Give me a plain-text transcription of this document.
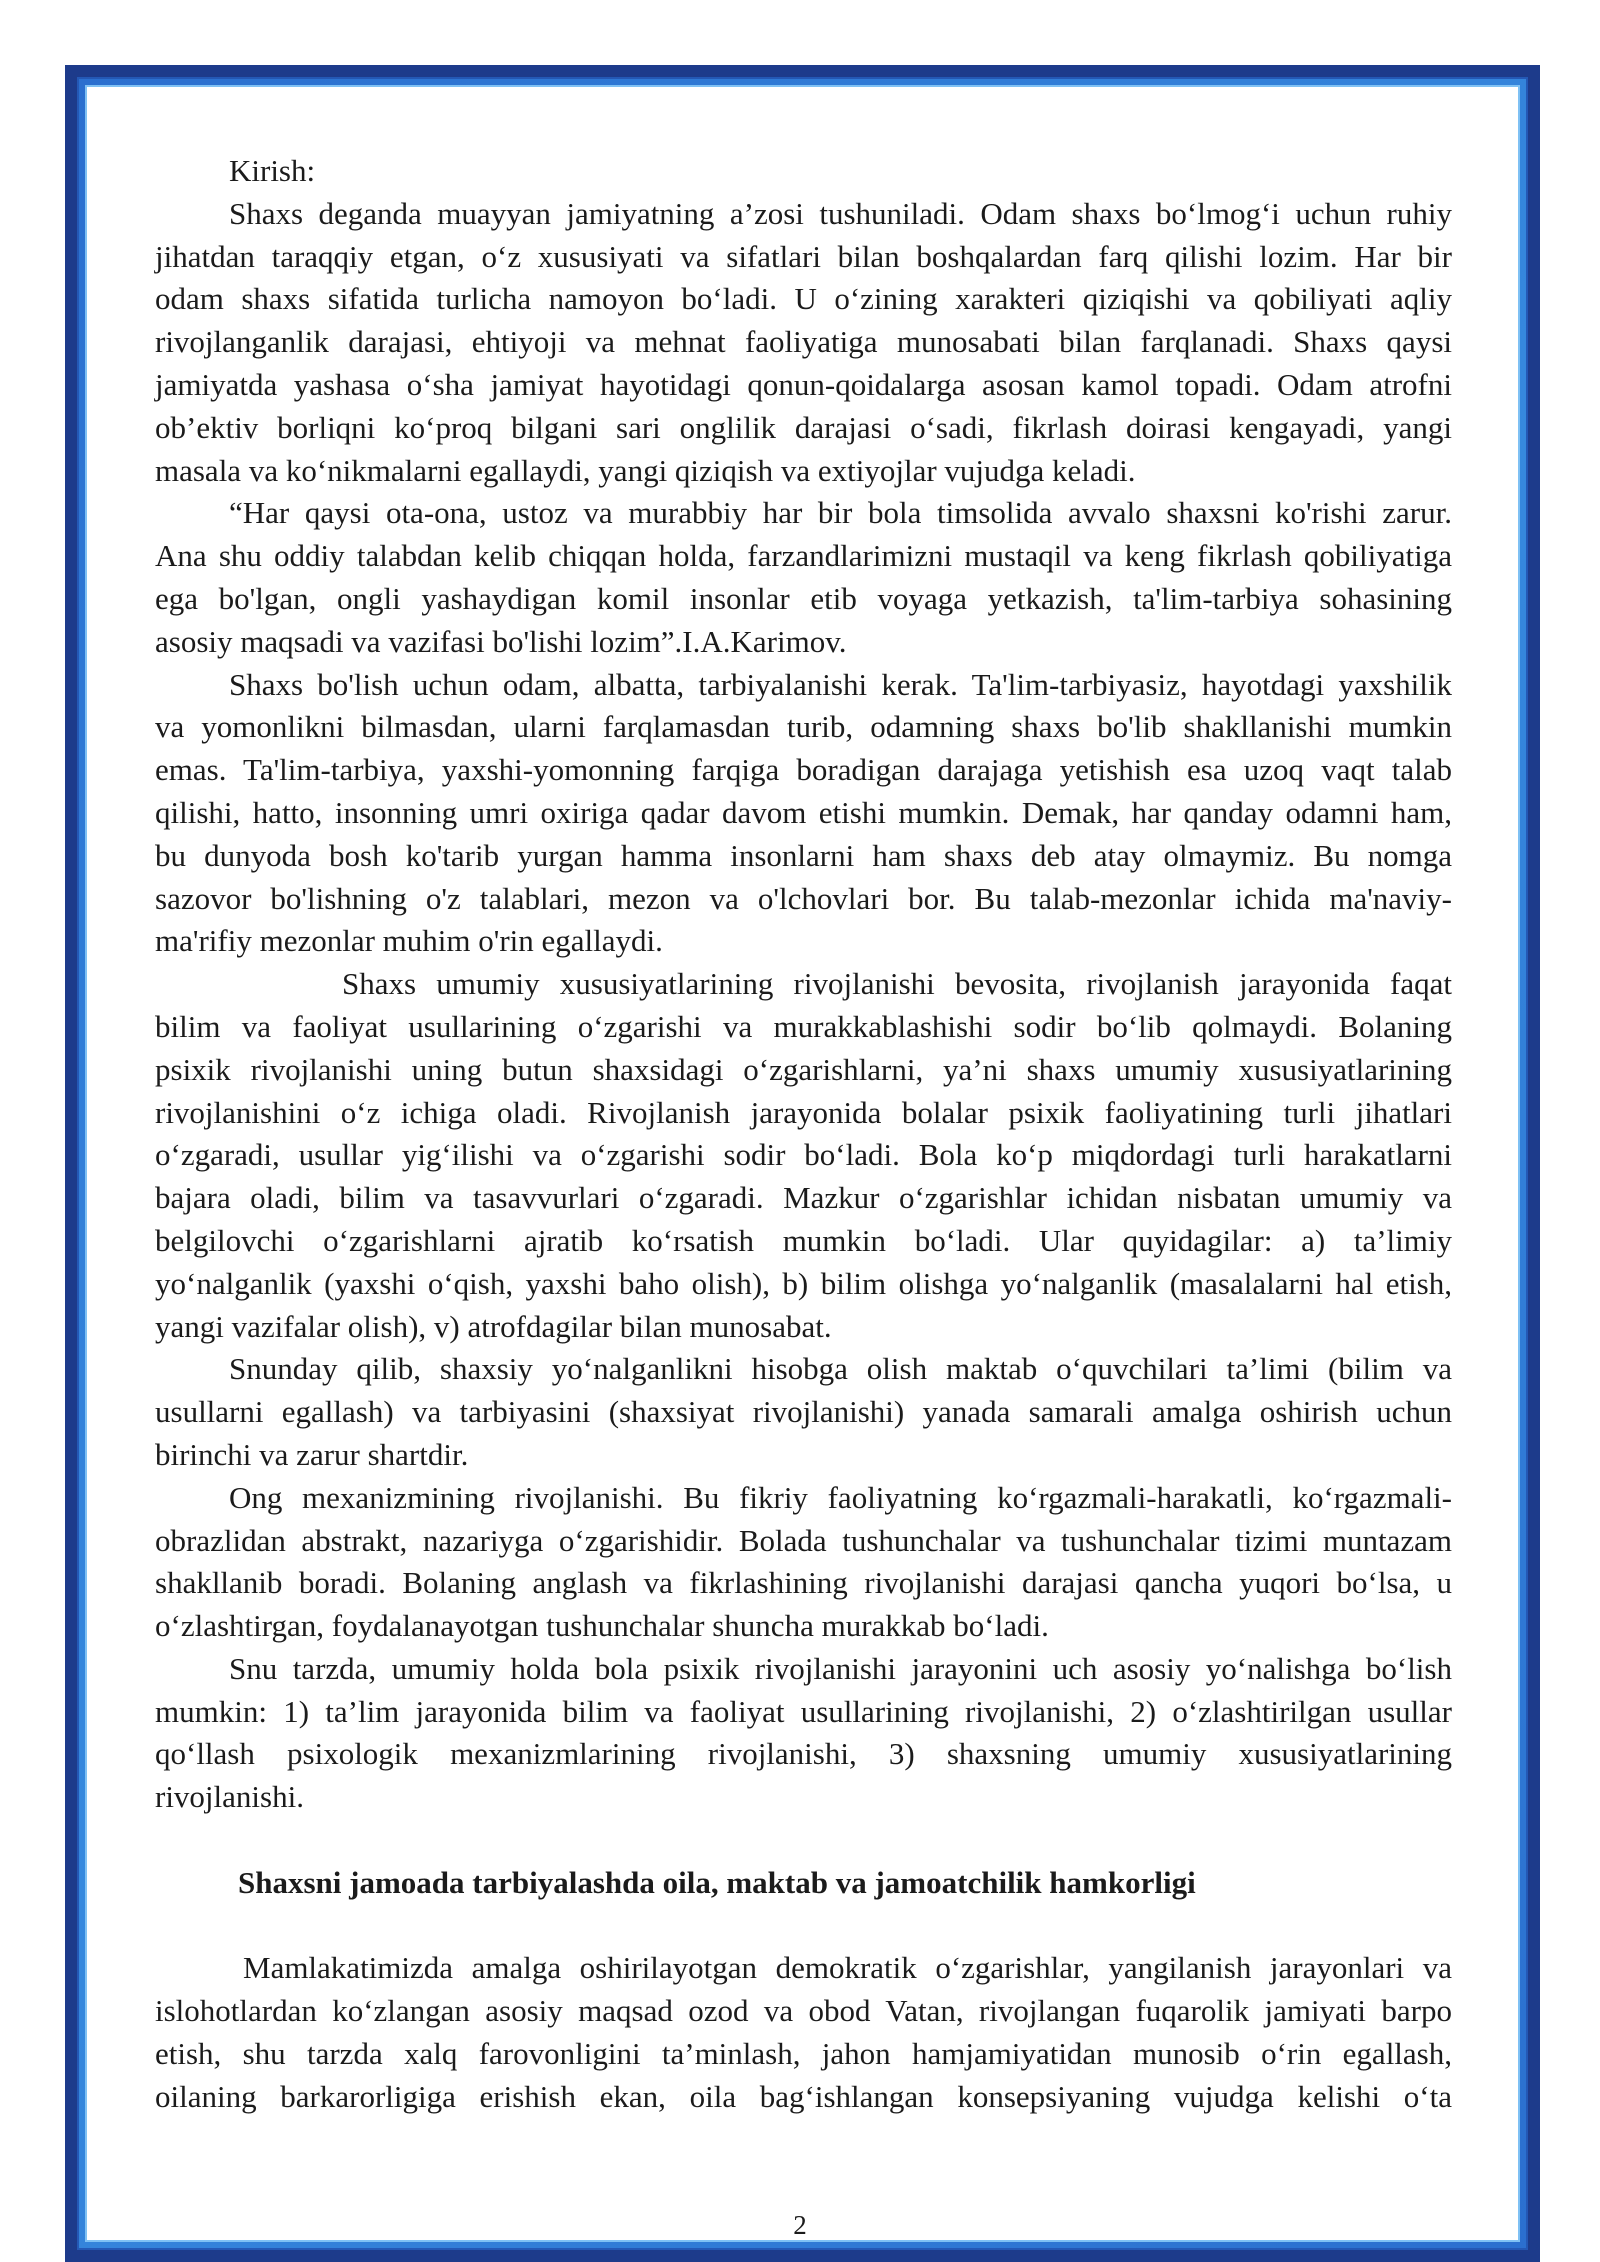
Kirish:
Shaxs deganda muayyan jamiyatning a’zosi tushuniladi. Odam shaxs bo‘lmog‘i uchun ruhiy
jihatdan taraqqiy etgan, o‘z xususiyati va sifatlari bilan boshqalardan farq qilishi lozim. Har bir
odam shaxs sifatida turlicha namoyon bo‘ladi. U o‘zining xarakteri qiziqishi va qobiliyati aqliy
rivojlanganlik darajasi, ehtiyoji va mehnat faoliyatiga munosabati bilan farqlanadi. Shaxs qaysi
jamiyatda yashasa o‘sha jamiyat hayotidagi qonun-qoidalarga asosan kamol topadi. Odam atrofni
ob’ektiv borliqni ko‘proq bilgani sari onglilik darajasi o‘sadi, fikrlash doirasi kengayadi, yangi
masala va ko‘nikmalarni egallaydi, yangi qiziqish va extiyojlar vujudga keladi.
“Har qaysi ota-ona, ustoz va murabbiy har bir bola timsolida avvalo shaxsni ko'rishi zarur.
Ana shu oddiy talabdan kelib chiqqan holda, farzandlarimizni mustaqil va keng fikrlash qobiliyatiga
ega bo'lgan, ongli yashaydigan komil insonlar etib voyaga yetkazish, ta'lim-tarbiya sohasining
asosiy maqsadi va vazifasi bo'lishi lozim”.I.A.Karimov.
Shaxs bo'lish uchun odam, albatta, tarbiyalanishi kerak. Ta'lim-tarbiyasiz, hayotdagi yaxshilik
va yomonlikni bilmasdan, ularni farqlamasdan turib, odamning shaxs bo'lib shakllanishi mumkin
emas. Ta'lim-tarbiya, yaxshi-yomonning farqiga boradigan darajaga yetishish esa uzoq vaqt talab
qilishi, hatto, insonning umri oxiriga qadar davom etishi mumkin. Demak, har qanday odamni ham,
bu dunyoda bosh ko'tarib yurgan hamma insonlarni ham shaxs deb atay olmaymiz. Bu nomga
sazovor bo'lishning o'z talablari, mezon va o'lchovlari bor. Bu talab-mezonlar ichida ma'naviy-
ma'rifiy mezonlar muhim o'rin egallaydi.
Shaxs umumiy xususiyatlarining rivojlanishi bevosita, rivojlanish jarayonida faqat
bilim va faoliyat usullarining o‘zgarishi va murakkablashishi sodir bo‘lib qolmaydi. Bolaning
psixik rivojlanishi uning butun shaxsidagi o‘zgarishlarni, ya’ni shaxs umumiy xususiyatlarining
rivojlanishini o‘z ichiga oladi. Rivojlanish jarayonida bolalar psixik faoliyatining turli jihatlari
o‘zgaradi, usullar yig‘ilishi va o‘zgarishi sodir bo‘ladi. Bola ko‘p miqdordagi turli harakatlarni
bajara oladi, bilim va tasavvurlari o‘zgaradi. Mazkur o‘zgarishlar ichidan nisbatan umumiy va
belgilovchi o‘zgarishlarni ajratib ko‘rsatish mumkin bo‘ladi. Ular quyidagilar: a) ta’limiy
yo‘nalganlik (yaxshi o‘qish, yaxshi baho olish), b) bilim olishga yo‘nalganlik (masalalarni hal etish,
yangi vazifalar olish), v) atrofdagilar bilan munosabat.
Snunday qilib, shaxsiy yo‘nalganlikni hisobga olish maktab o‘quvchilari ta’limi (bilim va
usullarni egallash) va tarbiyasini (shaxsiyat rivojlanishi) yanada samarali amalga oshirish uchun
birinchi va zarur shartdir.
Ong mexanizmining rivojlanishi. Bu fikriy faoliyatning ko‘rgazmali-harakatli, ko‘rgazmali-
obrazlidan abstrakt, nazariyga o‘zgarishidir. Bolada tushunchalar va tushunchalar tizimi muntazam
shakllanib boradi. Bolaning anglash va fikrlashining rivojlanishi darajasi qancha yuqori bo‘lsa, u
o‘zlashtirgan, foydalanayotgan tushunchalar shuncha murakkab bo‘ladi.
Snu tarzda, umumiy holda bola psixik rivojlanishi jarayonini uch asosiy yo‘nalishga bo‘lish
mumkin: 1) ta’lim jarayonida bilim va faoliyat usullarining rivojlanishi, 2) o‘zlashtirilgan usullar
qo‘llash psixologik mexanizmlarining rivojlanishi, 3) shaxsning umumiy xususiyatlarining
rivojlanishi.
Shaxsni jamoada tarbiyalashda oila, maktab va jamoatchilik hamkorligi
Mamlakatimizda amalga oshirilayotgan demokratik o‘zgarishlar, yangilanish jarayonlari va
islohotlardan ko‘zlangan asosiy maqsad ozod va obod Vatan, rivojlangan fuqarolik jamiyati barpo
etish, shu tarzda xalq farovonligini ta’minlash, jahon hamjamiyatidan munosib o‘rin egallash,
oilaning barkarorligiga erishish ekan, oila bag‘ishlangan konsepsiyaning vujudga kelishi o‘ta
2
